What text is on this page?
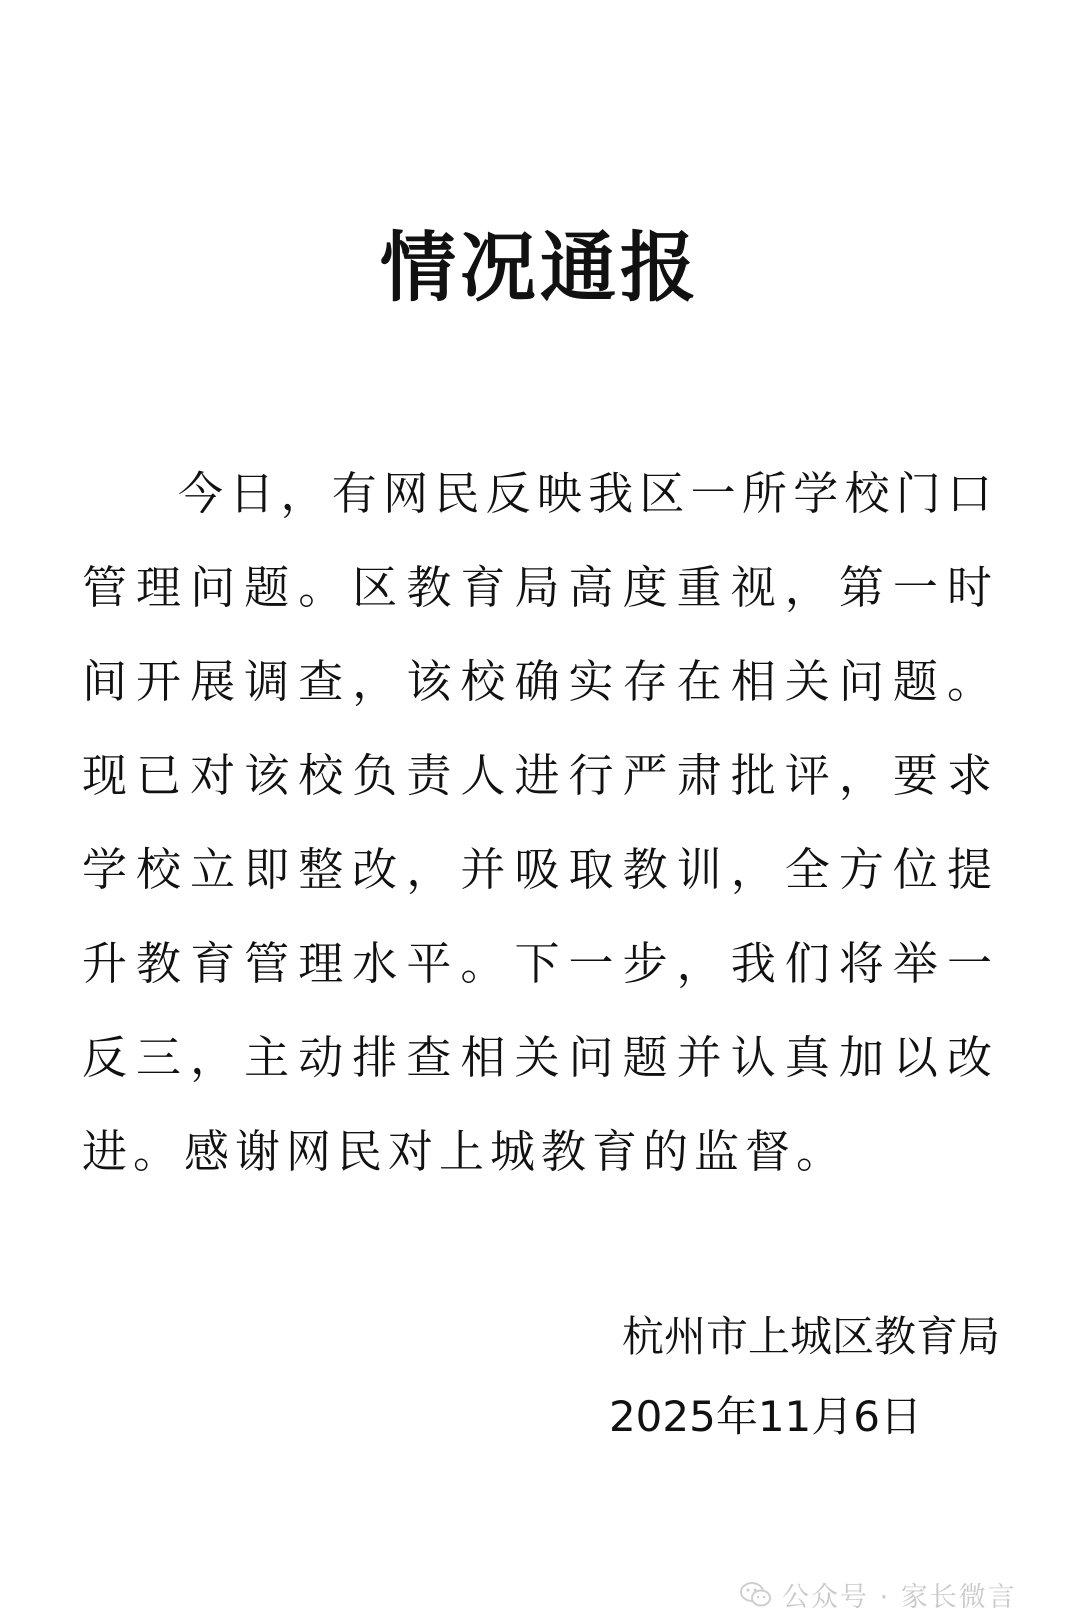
情况通报

今日，有网民反映我区一所学校门口管理问题。区教育局高度重视，第一时间开展调查，该校确实存在相关问题。现已对该校负责人进行严肃批评，要求学校立即整改，并吸取教训，全方位提升教育管理水平。下一步，我们将举一反三，主动排查相关问题并认真加以改进。感谢网民对上城教育的监督。

杭州市上城区教育局
2025年11月6日
公众号 · 家长微言
